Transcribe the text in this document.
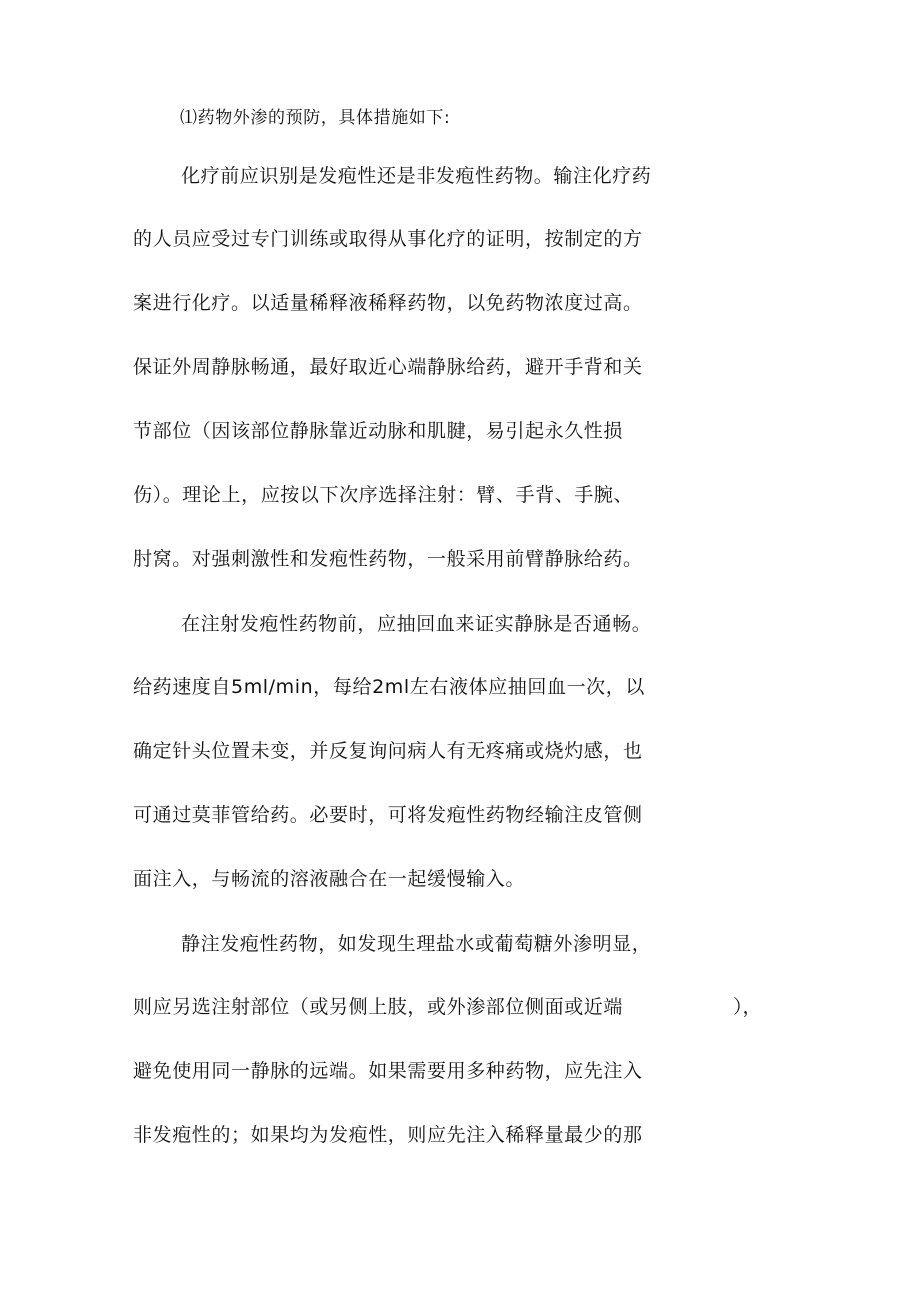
⑴药物外渗的预防，具体措施如下:
化疗前应识别是发疱性还是非发疱性药物。输注化疗药
的人员应受过专门训练或取得从事化疗的证明，按制定的方
案进行化疗。以适量稀释液稀释药物，以免药物浓度过高。
保证外周静脉畅通，最好取近心端静脉给药，避开手背和关
节部位（因该部位静脉靠近动脉和肌腱，易引起永久性损
伤）。理论上，应按以下次序选择注射：臂、手背、手腕、
肘窝。对强刺激性和发疱性药物，一般采用前臂静脉给药。
在注射发疱性药物前，应抽回血来证实静脉是否通畅。
给药速度自5ml/min，每给2ml左右液体应抽回血一次，以
确定针头位置未变，并反复询问病人有无疼痛或烧灼感，也
可通过莫菲管给药。必要时，可将发疱性药物经输注皮管侧
面注入，与畅流的溶液融合在一起缓慢输入。
静注发疱性药物，如发现生理盐水或葡萄糖外渗明显，
则应另选注射部位（或另侧上肢，或外渗部位侧面或近端	），
避免使用同一静脉的远端。如果需要用多种药物，应先注入
非发疱性的；如果均为发疱性，则应先注入稀释量最少的那
